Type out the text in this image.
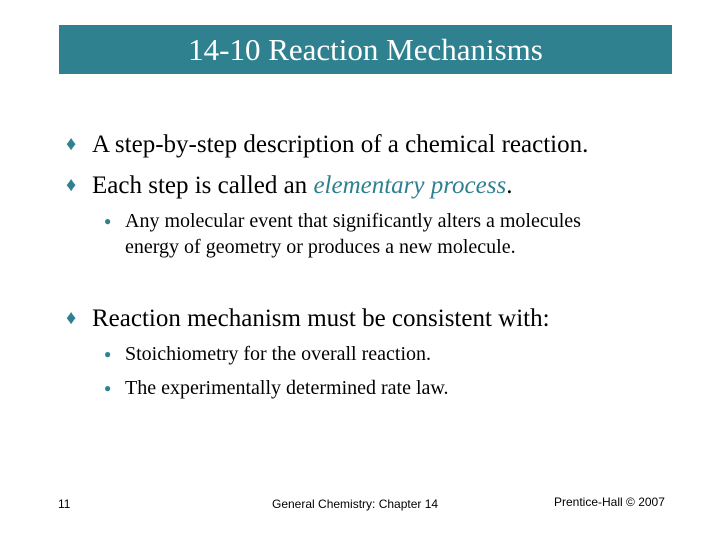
14-10 Reaction Mechanisms
♦ A step-by-step description of a chemical reaction.
♦ Each step is called an elementary process.
● Any molecular event that significantly alters a molecules energy of geometry or produces a new molecule.
♦ Reaction mechanism must be consistent with:
● Stoichiometry for the overall reaction.
● The experimentally determined rate law.
11	General Chemistry: Chapter 14	Prentice-Hall © 2007
